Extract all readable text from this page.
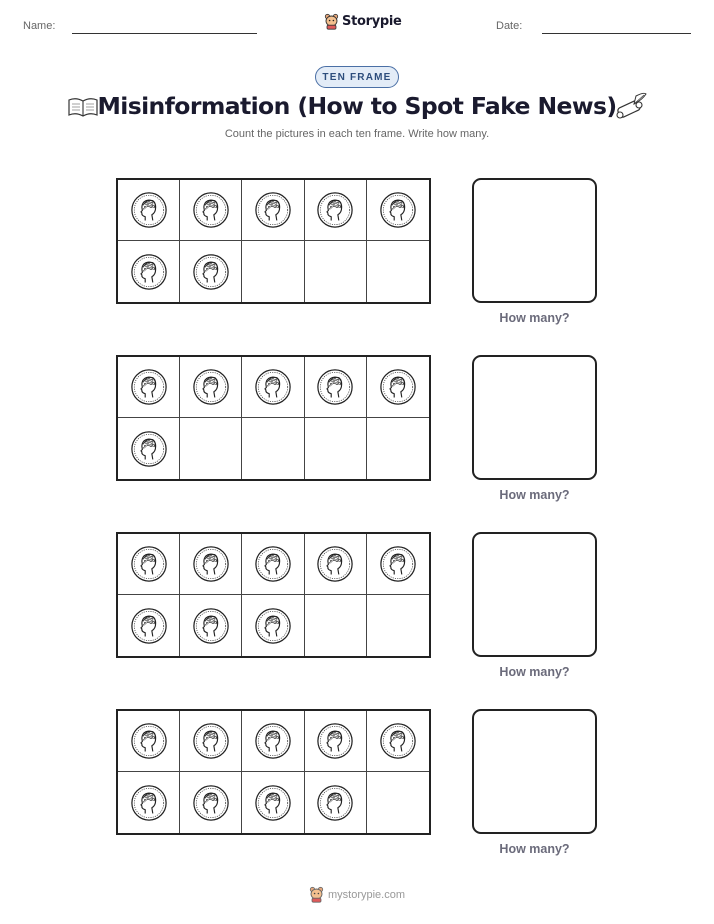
Name:	Storypie	Date:
TEN FRAME
Misinformation (How to Spot Fake News)
Count the pictures in each ten frame. Write how many.
How many?
How many?
How many?
How many?
mystorypie.com
